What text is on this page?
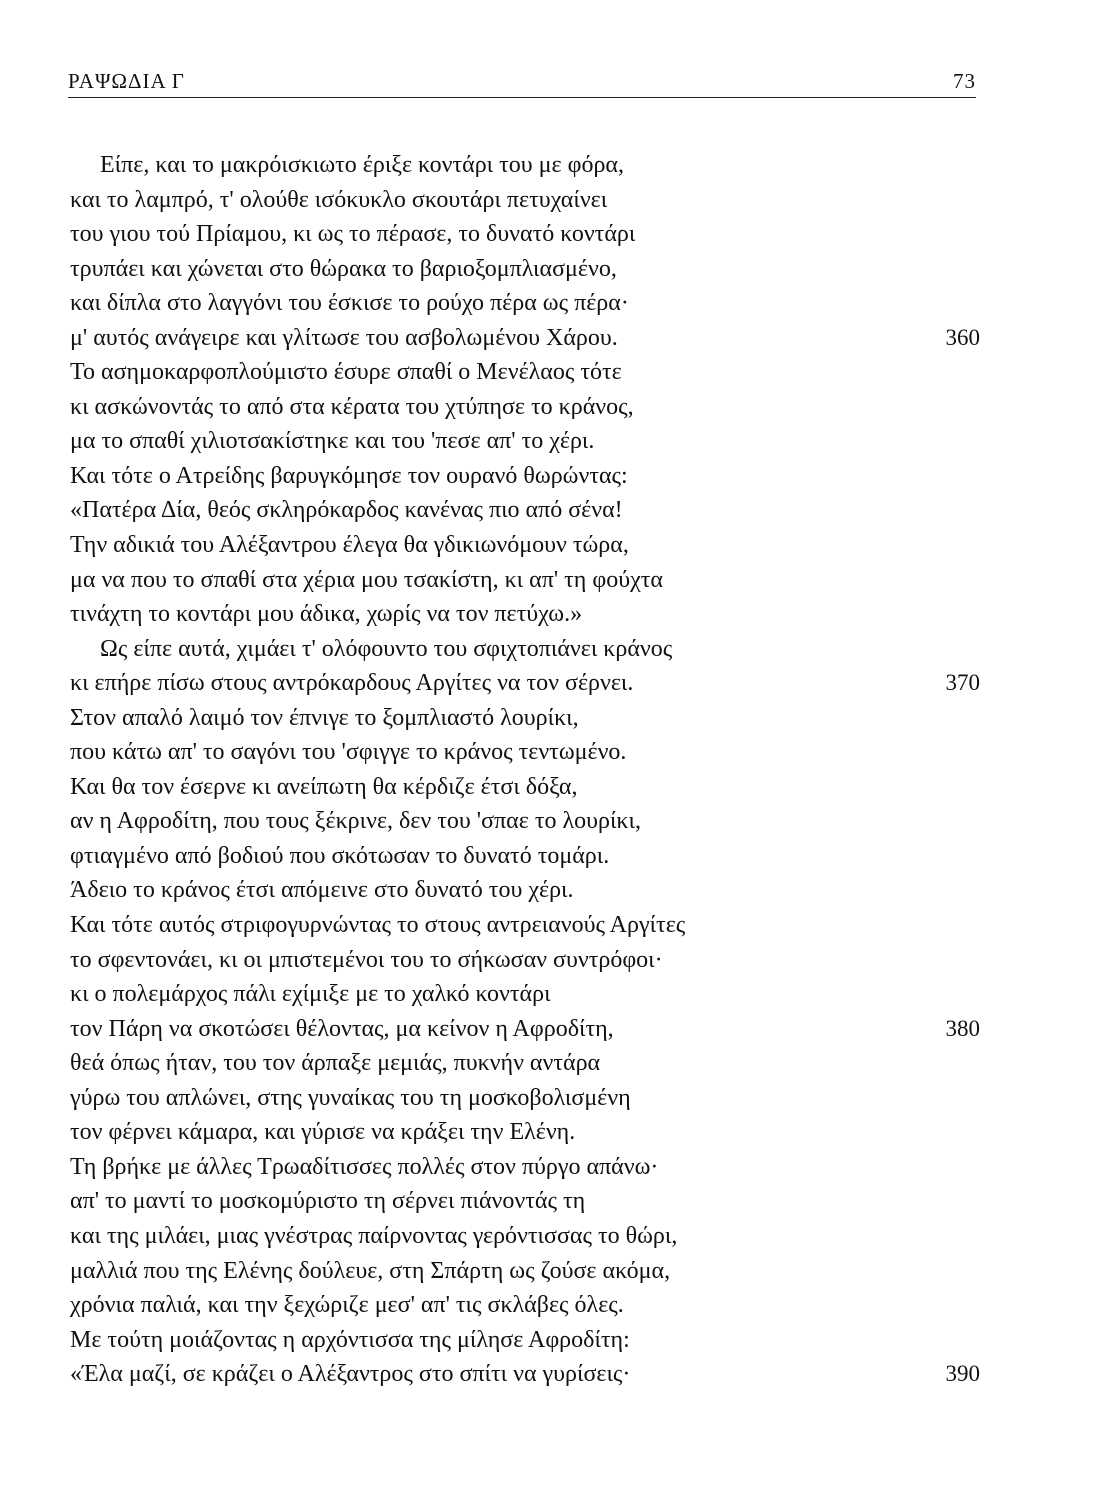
ΡΑΨΩΔΙΑ Γ	73
Είπε, και το μακρόισκιωτο έριξε κοντάρι του με φόρα,
και το λαμπρό, τ' ολούθε ισόκυκλο σκουτάρι πετυχαίνει
του γιου τού Πρίαμου, κι ως το πέρασε, το δυνατό κοντάρι
τρυπάει και χώνεται στο θώρακα το βαριοξομπλιασμένο,
και δίπλα στο λαγγόνι του έσκισε το ρούχο πέρα ως πέρα·
μ' αυτός ανάγειρε και γλίτωσε του ασβολωμένου Χάρου.	360
Το ασημοκαρφοπλούμιστο έσυρε σπαθί ο Μενέλαος τότε
κι ασκώνοντάς το από στα κέρατα του χτύπησε το κράνος,
μα το σπαθί χιλιοτσακίστηκε και του 'πεσε απ' το χέρι.
Και τότε ο Ατρείδης βαρυγκόμησε τον ουρανό θωρώντας:
«Πατέρα Δία, θεός σκληρόκαρδος κανένας πιο από σένα!
Την αδικιά του Αλέξαντρου έλεγα θα γδικιωνόμουν τώρα,
μα να που το σπαθί στα χέρια μου τσακίστη, κι απ' τη φούχτα
τινάχτη το κοντάρι μου άδικα, χωρίς να τον πετύχω.»
Ως είπε αυτά, χιμάει τ' ολόφουντο του σφιχτοπιάνει κράνος
κι επήρε πίσω στους αντρόκαρδους Αργίτες να τον σέρνει.	370
Στον απαλό λαιμό τον έπνιγε το ξομπλιαστό λουρίκι,
που κάτω απ' το σαγόνι του 'σφιγγε το κράνος τεντωμένο.
Και θα τον έσερνε κι ανείπωτη θα κέρδιζε έτσι δόξα,
αν η Αφροδίτη, που τους ξέκρινε, δεν του 'σπαε το λουρίκι,
φτιαγμένο από βοδιού που σκότωσαν το δυνατό τομάρι.
Άδειο το κράνος έτσι απόμεινε στο δυνατό του χέρι.
Και τότε αυτός στριφογυρνώντας το στους αντρειανούς Αργίτες
το σφεντονάει, κι οι μπιστεμένοι του το σήκωσαν συντρόφοι·
κι ο πολεμάρχος πάλι εχίμιξε με το χαλκό κοντάρι
τον Πάρη να σκοτώσει θέλοντας, μα κείνον η Αφροδίτη,	380
θεά όπως ήταν, του τον άρπαξε μεμιάς, πυκνήν αντάρα
γύρω του απλώνει, στης γυναίκας του τη μοσκοβολισμένη
τον φέρνει κάμαρα, και γύρισε να κράξει την Ελένη.
Τη βρήκε με άλλες Τρωαδίτισσες πολλές στον πύργο απάνω·
απ' το μαντί το μοσκομύριστο τη σέρνει πιάνοντάς τη
και της μιλάει, μιας γνέστρας παίρνοντας γερόντισσας το θώρι,
μαλλιά που της Ελένης δούλευε, στη Σπάρτη ως ζούσε ακόμα,
χρόνια παλιά, και την ξεχώριζε μεσ' απ' τις σκλάβες όλες.
Με τούτη μοιάζοντας η αρχόντισσα της μίλησε Αφροδίτη:
«Έλα μαζί, σε κράζει ο Αλέξαντρος στο σπίτι να γυρίσεις·	390
